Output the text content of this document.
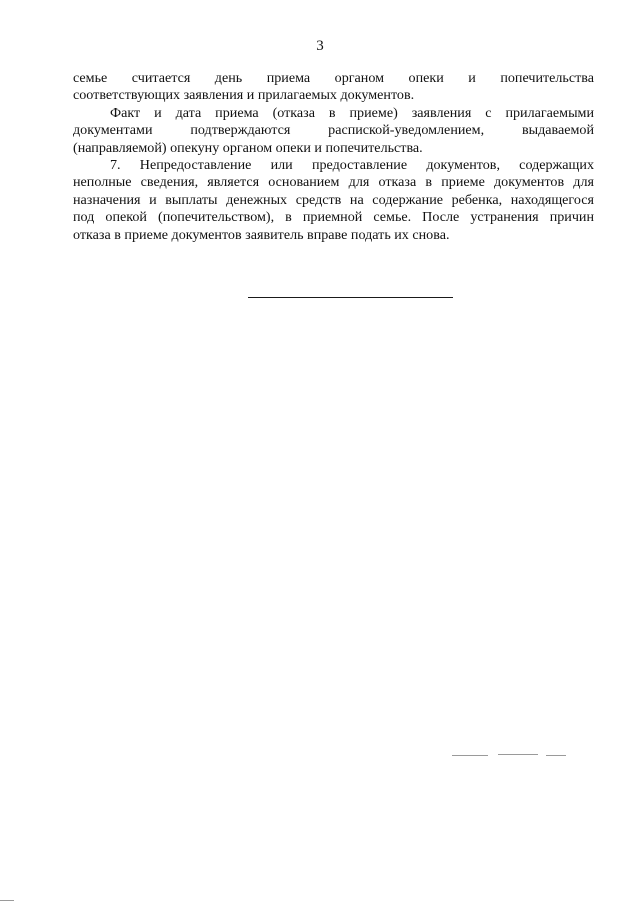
3

семье считается день приема органом опеки и попечительства
соответствующих заявления и прилагаемых документов.

Факт и дата приема (отказа в приеме) заявления с прилагаемыми
документами подтверждаются распиской-уведомлением, выдаваемой
(направляемой) опекуну органом опеки и попечительства.

7. Непредоставление или предоставление документов, содержащих
неполные сведения, является основанием для отказа в приеме документов для
назначения и выплаты денежных средств на содержание ребенка, находящегося
под опекой (попечительством), в приемной семье. После устранения причин
отказа в приеме документов заявитель вправе подать их снова.
